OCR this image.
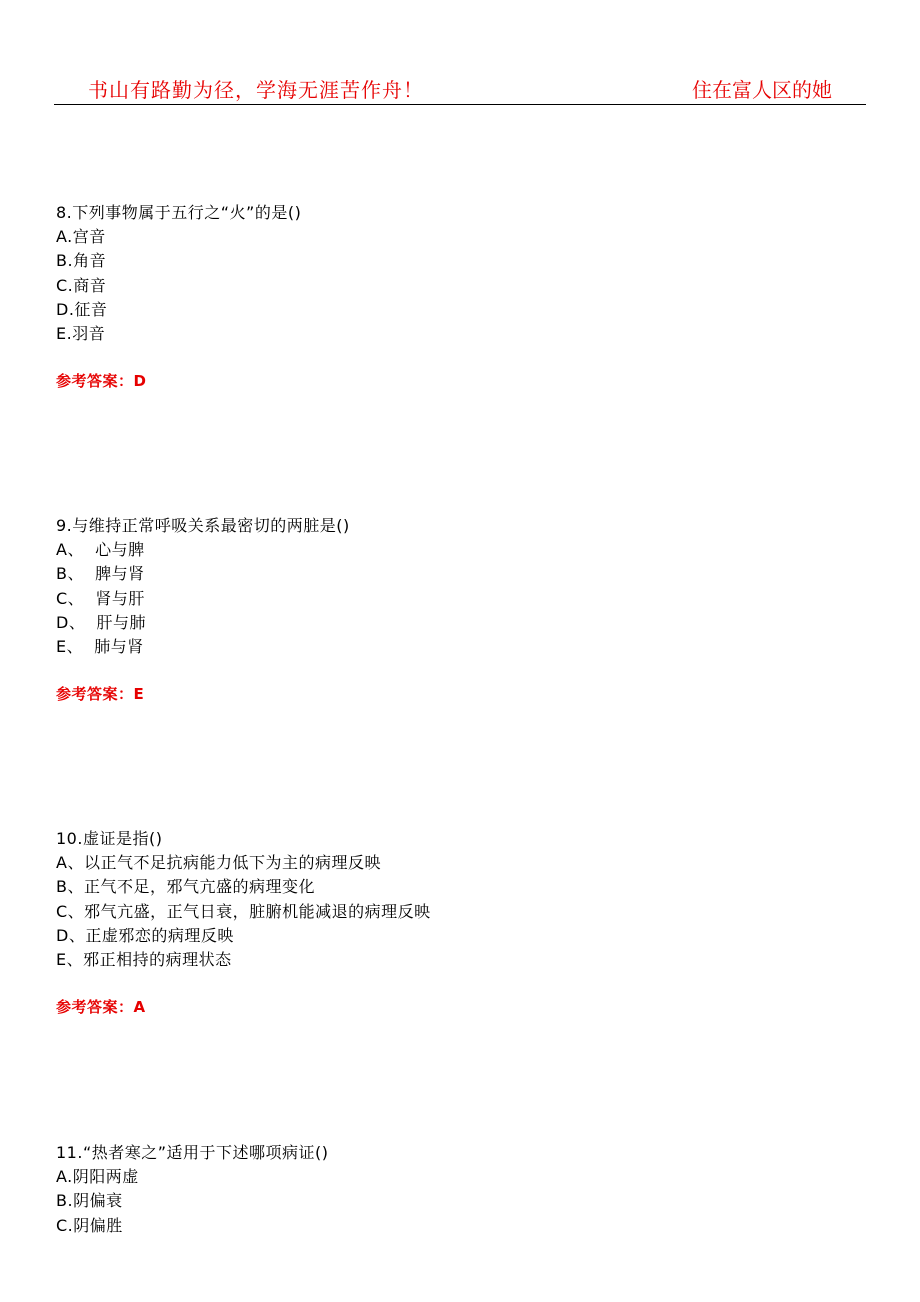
书山有路勤为径，学海无涯苦作舟！	住在富人区的她
8.下列事物属于五行之“火”的是()
A.宫音
B.角音
C.商音
D.征音
E.羽音
参考答案：D
9.与维持正常呼吸关系最密切的两脏是()
A、  心与脾
B、  脾与肾
C、  肾与肝
D、  肝与肺
E、  肺与肾
参考答案：E
10.虚证是指()
A、以正气不足抗病能力低下为主的病理反映
B、正气不足，邪气亢盛的病理变化
C、邪气亢盛，正气日衰，脏腑机能减退的病理反映
D、正虚邪恋的病理反映
E、邪正相持的病理状态
参考答案：A
11.“热者寒之”适用于下述哪项病证()
A.阴阳两虚
B.阴偏衰
C.阴偏胜
